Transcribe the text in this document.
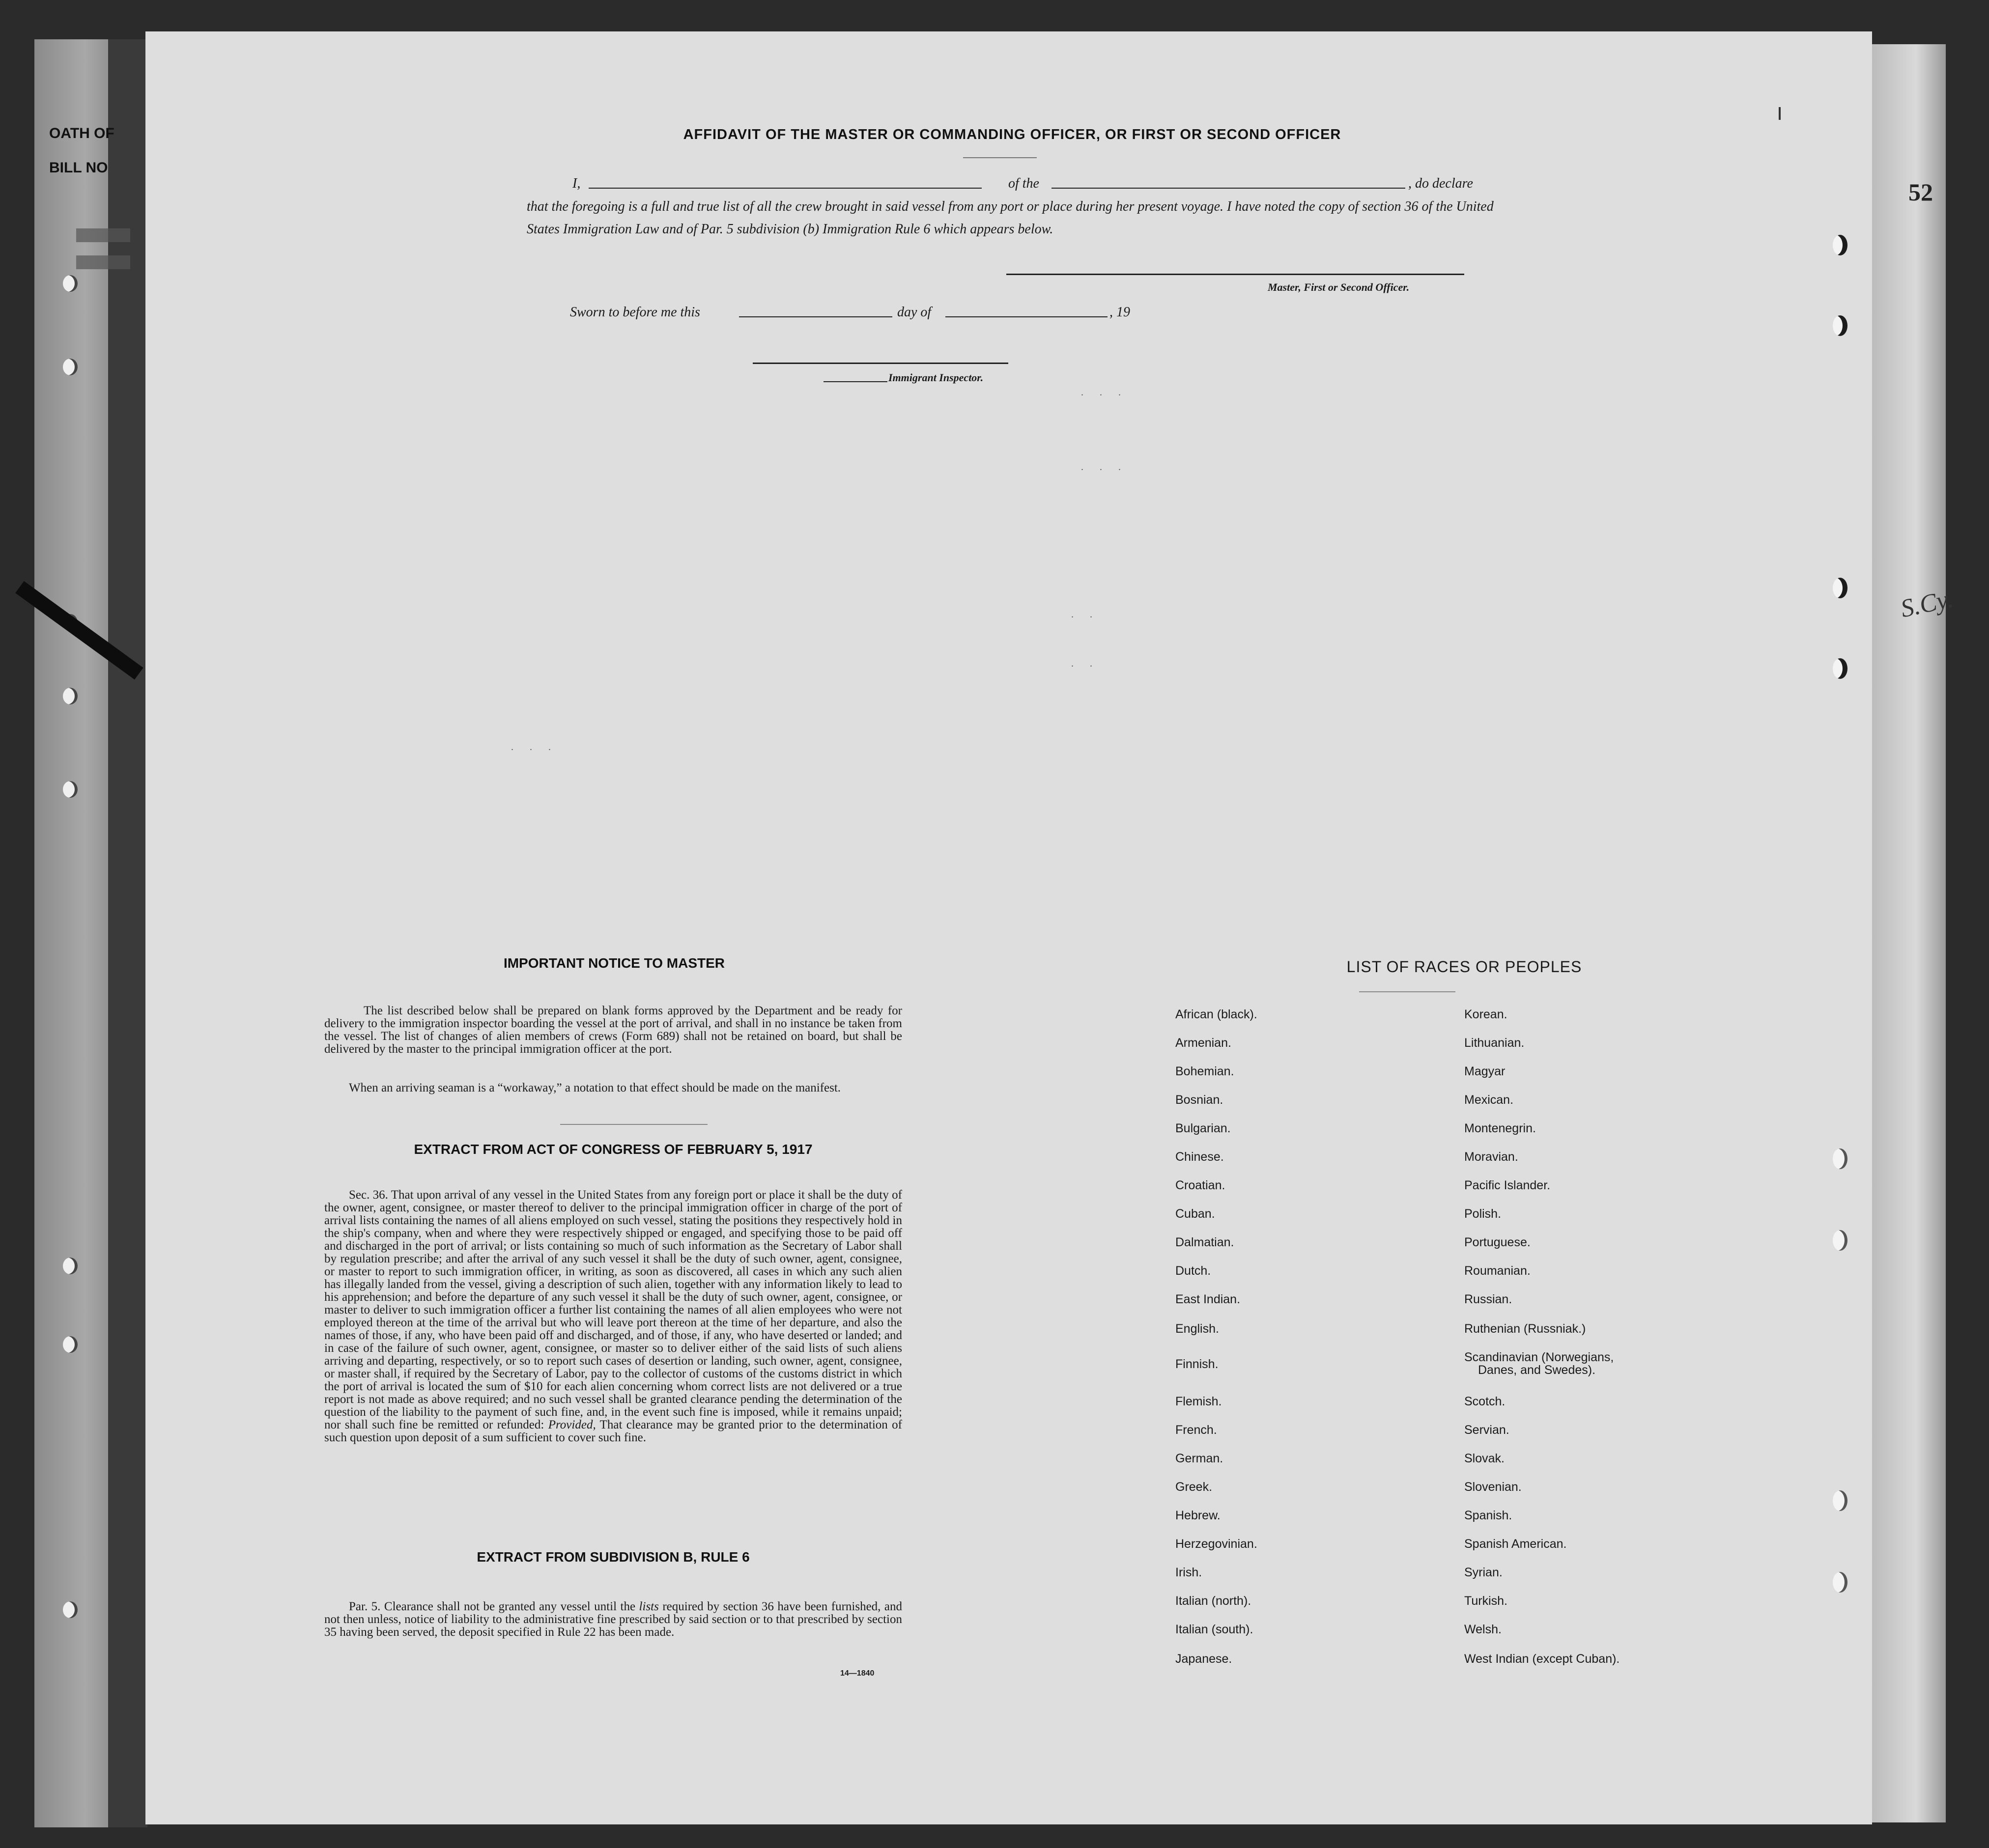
OATH OF
BILL NO
52
S.Cy.
AFFIDAVIT OF THE MASTER OR COMMANDING OFFICER, OR FIRST OR SECOND OFFICER
I,	of the	, do declare
that the foregoing is a full and true list of all the crew brought in said vessel from any port or place during her present voyage. I have noted the copy of section 36 of the United States Immigration Law and of Par. 5 subdivision (b) Immigration Rule 6 which appears below.
Master, First or Second Officer.
Sworn to before me this	day of	, 19
Immigrant Inspector.
. . .
. . .
. .
. .
. . .
IMPORTANT NOTICE TO MASTER
The list described below shall be prepared on blank forms approved by the Department and be ready for delivery to the immigration inspector boarding the vessel at the port of arrival, and shall in no instance be taken from the vessel. The list of changes of alien members of crews (Form 689) shall not be retained on board, but shall be delivered by the master to the principal immigration officer at the port.
When an arriving seaman is a “workaway,” a notation to that effect should be made on the manifest.
EXTRACT FROM ACT OF CONGRESS OF FEBRUARY 5, 1917
Sec. 36. That upon arrival of any vessel in the United States from any foreign port or place it shall be the duty of the owner, agent, consignee, or master thereof to deliver to the principal immigration officer in charge of the port of arrival lists containing the names of all aliens employed on such vessel, stating the positions they respectively hold in the ship's company, when and where they were respectively shipped or engaged, and specifying those to be paid off and discharged in the port of arrival; or lists containing so much of such information as the Secretary of Labor shall by regulation prescribe; and after the arrival of any such vessel it shall be the duty of such owner, agent, consignee, or master to report to such immigration officer, in writing, as soon as discovered, all cases in which any such alien has illegally landed from the vessel, giving a description of such alien, together with any information likely to lead to his apprehension; and before the departure of any such vessel it shall be the duty of such owner, agent, consignee, or master to deliver to such immigration officer a further list containing the names of all alien employees who were not employed thereon at the time of the arrival but who will leave port thereon at the time of her departure, and also the names of those, if any, who have been paid off and discharged, and of those, if any, who have deserted or landed; and in case of the failure of such owner, agent, consignee, or master so to deliver either of the said lists of such aliens arriving and departing, respectively, or so to report such cases of desertion or landing, such owner, agent, consignee, or master shall, if required by the Secretary of Labor, pay to the collector of customs of the customs district in which the port of arrival is located the sum of $10 for each alien concerning whom correct lists are not delivered or a true report is not made as above required; and no such vessel shall be granted clearance pending the determination of the question of the liability to the payment of such fine, and, in the event such fine is imposed, while it remains unpaid; nor shall such fine be remitted or refunded: Provided, That clearance may be granted prior to the determination of such question upon deposit of a sum sufficient to cover such fine.
EXTRACT FROM SUBDIVISION B, RULE 6
Par. 5. Clearance shall not be granted any vessel until the lists required by section 36 have been furnished, and not then unless, notice of liability to the administrative fine prescribed by said section or to that prescribed by section 35 having been served, the deposit specified in Rule 22 has been made.
14—1840
LIST OF RACES OR PEOPLES
African (black).
Armenian.
Bohemian.
Bosnian.
Bulgarian.
Chinese.
Croatian.
Cuban.
Dalmatian.
Dutch.
East Indian.
English.
Finnish.
Flemish.
French.
German.
Greek.
Hebrew.
Herzegovinian.
Irish.
Italian (north).
Italian (south).
Japanese.
Korean.
Lithuanian.
Magyar
Mexican.
Montenegrin.
Moravian.
Pacific Islander.
Polish.
Portuguese.
Roumanian.
Russian.
Ruthenian (Russniak.)
Scandinavian (Norwegians,
Danes, and Swedes).
Scotch.
Servian.
Slovak.
Slovenian.
Spanish.
Spanish American.
Syrian.
Turkish.
Welsh.
West Indian (except Cuban).
